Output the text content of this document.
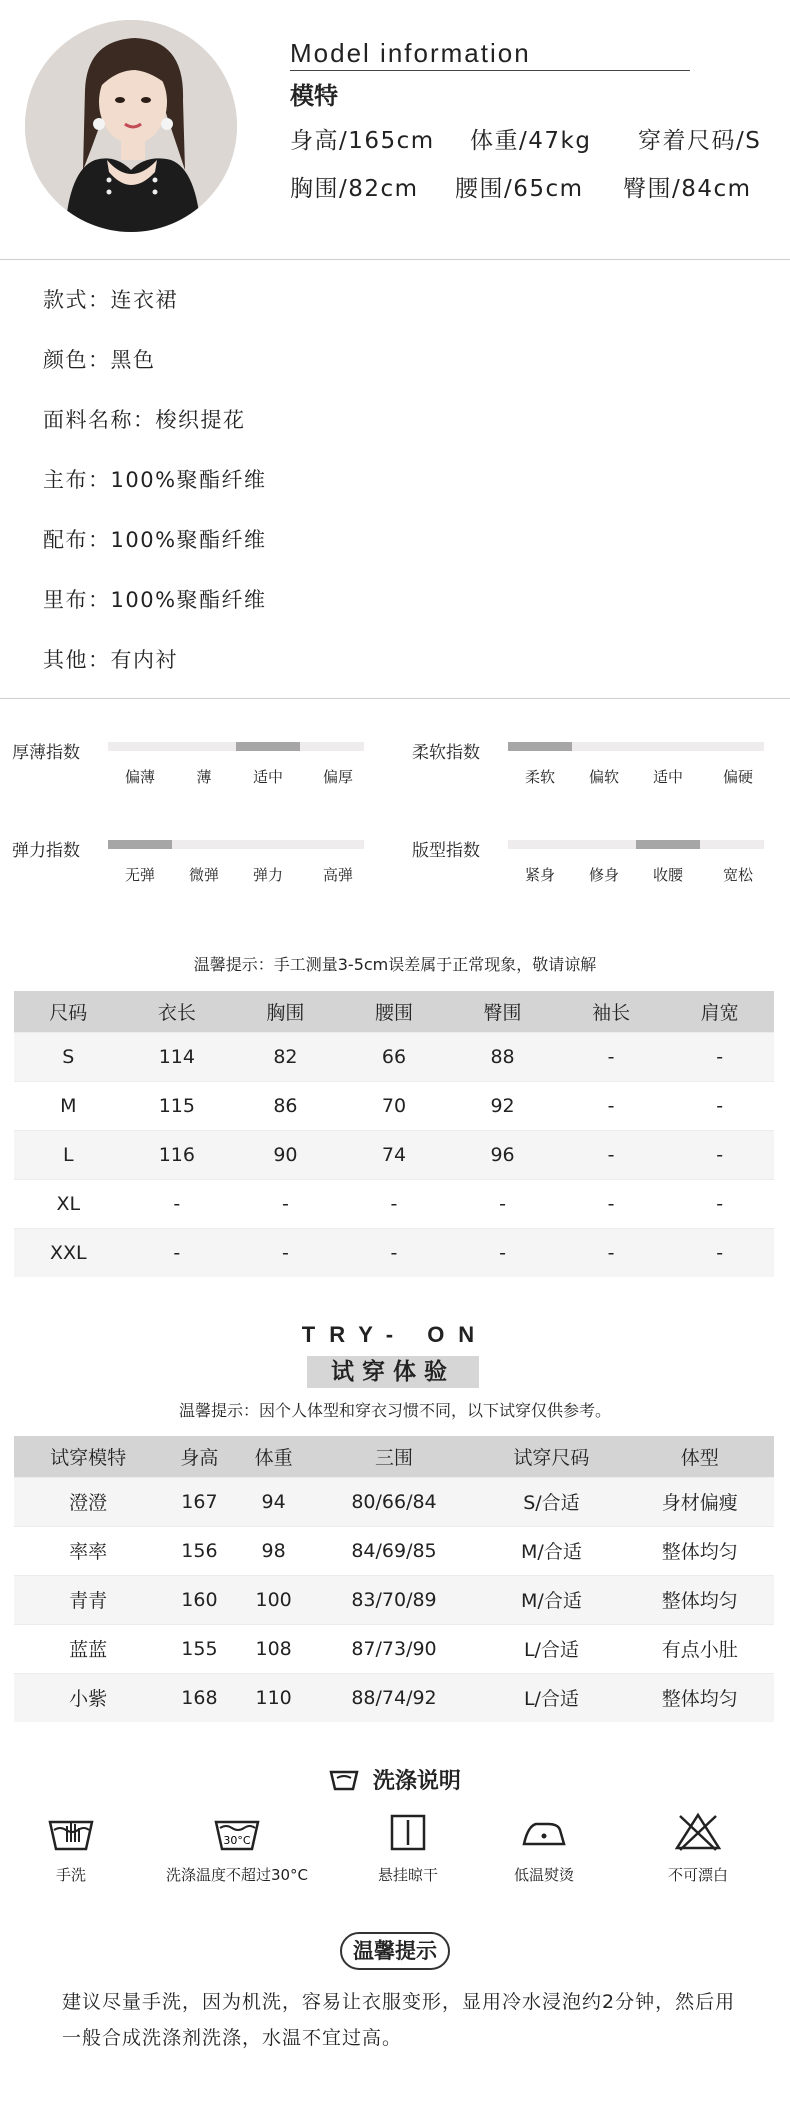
Model information
模特
身高/165cm 体重/47kg 穿着尺码/S
胸围/82cm 腰围/65cm 臀围/84cm
款式：连衣裙
颜色：黑色
面料名称：梭织提花
主布：100%聚酯纤维
配布：100%聚酯纤维
里布：100%聚酯纤维
其他：有内衬
厚薄指数
偏薄	薄	适中	偏厚
柔软指数
柔软 偏软 适中	偏硬
弹力指数
无弹 微弹 弹力	高弹
版型指数
紧身 修身 收腰	宽松
温馨提示：手工测量3-5cm误差属于正常现象，敬请谅解
尺码	衣长	胸围	腰围	臀围	袖长	肩宽
S	114	82	66	88	-	-
M	115	86	70	92	-	-
L	116	90	74	96	-	-
XL	-	-	-	-	-	-
XXL	-	-	-	-	-	-
TRY- ON
试穿体验
温馨提示：因个人体型和穿衣习惯不同，以下试穿仅供参考。
试穿模特	身高	体重	三围	试穿尺码	体型
澄澄	167	94	80/66/84	S/合适	身材偏瘦
率率	156	98	84/69/85	M/合适	整体均匀
青青	160	100	83/70/89	M/合适	整体均匀
蓝蓝	155	108	87/73/90	L/合适	有点小肚
小紫	168	110	88/74/92	L/合适	整体均匀
洗涤说明
30°C
手洗	洗涤温度不超过30°C	悬挂晾干	低温熨烫	不可漂白
温馨提示
建议尽量手洗，因为机洗，容易让衣服变形，显用冷水浸泡约2分钟，然后用一般合成洗涤剂洗涤，水温不宜过高。
